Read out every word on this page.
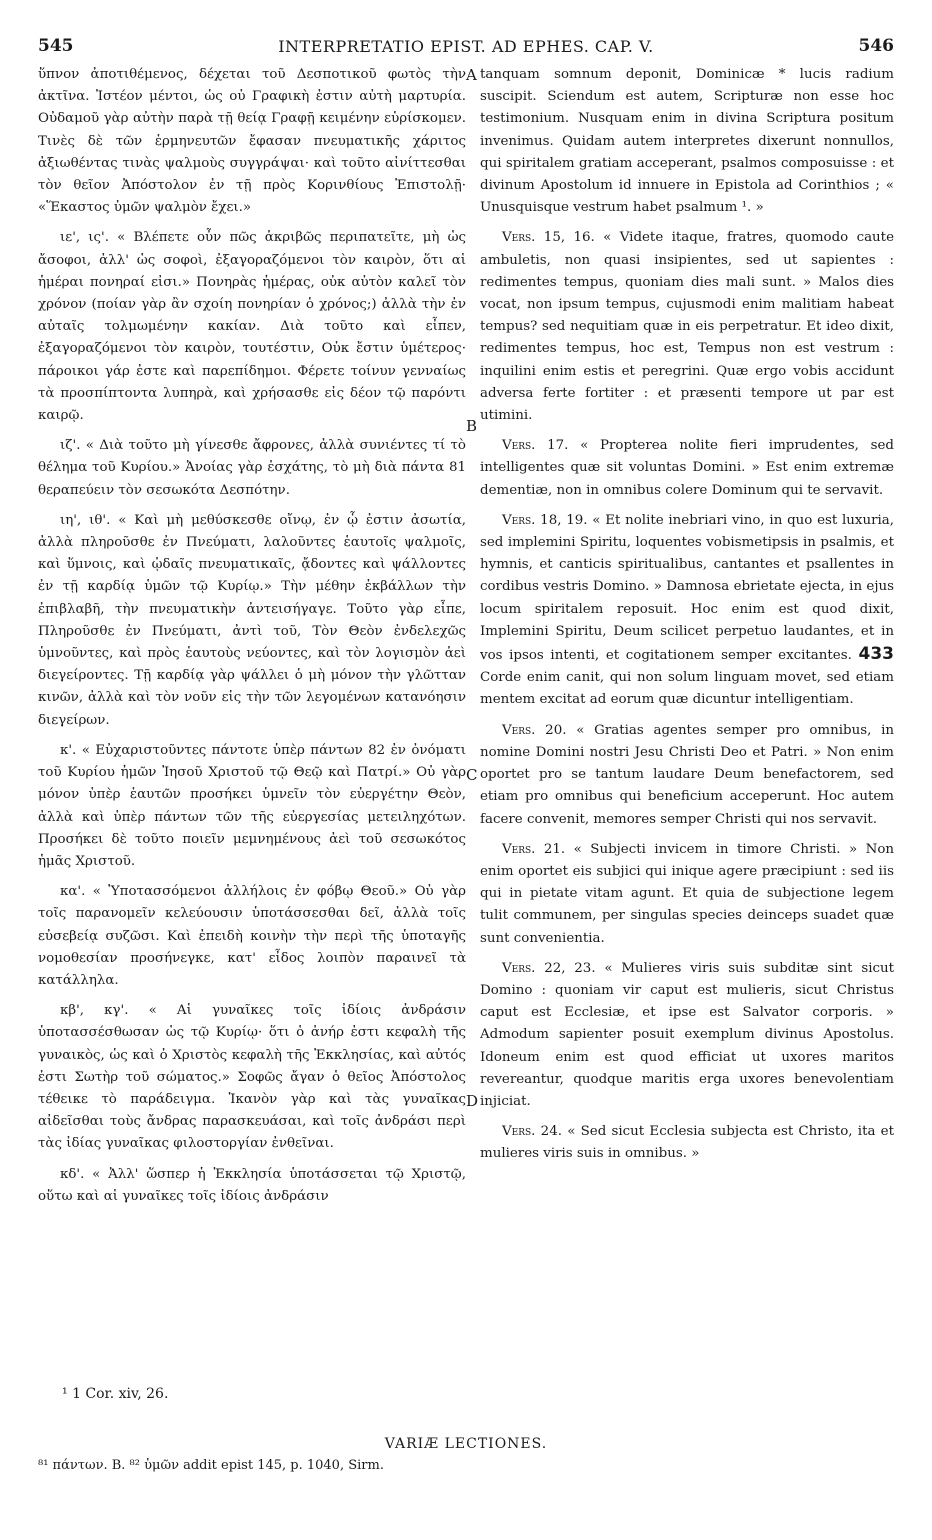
545	INTERPRETATIO EPIST. AD EPHES. CAP. V.	546

ὕπνον ἀποτιθέμενος, δέχεται τοῦ Δεσποτικοῦ φωτὸς τὴν ἀκτῖνα. Ἰστέον μέντοι, ὡς οὐ Γραφικὴ ἐστιν αὐτὴ μαρτυρία. Οὐδαμοῦ γὰρ αὐτὴν παρὰ τῇ θείᾳ Γραφῇ κειμένην εὑρίσκομεν. Τινὲς δὲ τῶν ἑρμηνευτῶν ἔφασαν πνευματικῆς χάριτος ἀξιωθέντας τινὰς ψαλμοὺς συγγράψαι· καὶ τοῦτο αἰνίττεσθαι τὸν θεῖον Ἀπόστολον ἐν τῇ πρὸς Κορινθίους Ἐπιστολῇ· «Ἕκαστος ὑμῶν ψαλμὸν ἔχει.»

ιε', ις'. « Βλέπετε οὖν πῶς ἀκριβῶς περιπατεῖτε, μὴ ὡς ἄσοφοι, ἀλλ' ὡς σοφοὶ, ἐξαγοραζόμενοι τὸν καιρὸν, ὅτι αἱ ἡμέραι πονηραί εἰσι.» Πονηρὰς ἡμέρας, οὐκ αὐτὸν καλεῖ τὸν χρόνον (ποίαν γὰρ ἂν σχοίη πονηρίαν ὁ χρόνος;) ἀλλὰ τὴν ἐν αὐταῖς τολμωμένην κακίαν. Διὰ τοῦτο καὶ εἶπεν, ἐξαγοραζόμενοι τὸν καιρὸν, τουτέστιν, Οὐκ ἔστιν ὑμέτερος· πάροικοι γάρ ἐστε καὶ παρεπίδημοι. Φέρετε τοίνυν γενναίως τὰ προσπίπτοντα λυπηρὰ, καὶ χρήσασθε εἰς δέον τῷ παρόντι καιρῷ.

ιζ'. « Διὰ τοῦτο μὴ γίνεσθε ἄφρονες, ἀλλὰ συνιέντες τί τὸ θέλημα τοῦ Κυρίου.» Ἀνοίας γὰρ ἐσχάτης, τὸ μὴ διὰ πάντα 81 θεραπεύειν τὸν σεσωκότα Δεσπότην.

ιη', ιθ'. « Καὶ μὴ μεθύσκεσθε οἴνῳ, ἐν ᾧ ἐστιν ἀσωτία, ἀλλὰ πληροῦσθε ἐν Πνεύματι, λαλοῦντες ἑαυτοῖς ψαλμοῖς, καὶ ὕμνοις, καὶ ᾠδαῖς πνευματικαῖς, ᾄδοντες καὶ ψάλλοντες ἐν τῇ καρδίᾳ ὑμῶν τῷ Κυρίῳ.» Τὴν μέθην ἐκβάλλων τὴν ἐπιβλαβῆ, τὴν πνευματικὴν ἀντεισήγαγε. Τοῦτο γὰρ εἶπε, Πληροῦσθε ἐν Πνεύματι, ἀντὶ τοῦ, Τὸν Θεὸν ἐνδελεχῶς ὑμνοῦντες, καὶ πρὸς ἑαυτοὺς νεύοντες, καὶ τὸν λογισμὸν ἀεὶ διεγείροντες. Τῇ καρδίᾳ γὰρ ψάλλει ὁ μὴ μόνον τὴν γλῶτταν κινῶν, ἀλλὰ καὶ τὸν νοῦν εἰς τὴν τῶν λεγομένων κατανόησιν διεγείρων.

κ'. « Εὐχαριστοῦντες πάντοτε ὑπὲρ πάντων 82 ἐν ὀνόματι τοῦ Κυρίου ἡμῶν Ἰησοῦ Χριστοῦ τῷ Θεῷ καὶ Πατρί.» Οὐ γὰρ μόνον ὑπὲρ ἑαυτῶν προσήκει ὑμνεῖν τὸν εὐεργέτην Θεὸν, ἀλλὰ καὶ ὑπὲρ πάντων τῶν τῆς εὐεργεσίας μετειληχότων. Προσήκει δὲ τοῦτο ποιεῖν μεμνημένους ἀεὶ τοῦ σεσωκότος ἡμᾶς Χριστοῦ.

κα'. « Ὑποτασσόμενοι ἀλλήλοις ἐν φόβῳ Θεοῦ.» Οὐ γὰρ τοῖς παρανομεῖν κελεύουσιν ὑποτάσσεσθαι δεῖ, ἀλλὰ τοῖς εὐσεβείᾳ συζῶσι. Καὶ ἐπειδὴ κοινὴν τὴν περὶ τῆς ὑποταγῆς νομοθεσίαν προσήνεγκε, κατ' εἶδος λοιπὸν παραινεῖ τὰ κατάλληλα.

κβ', κγ'. « Αἱ γυναῖκες τοῖς ἰδίοις ἀνδράσιν ὑποτασσέσθωσαν ὡς τῷ Κυρίῳ· ὅτι ὁ ἀνήρ ἐστι κεφαλὴ τῆς γυναικὸς, ὡς καὶ ὁ Χριστὸς κεφαλὴ τῆς Ἐκκλησίας, καὶ αὐτός ἐστι Σωτὴρ τοῦ σώματος.» Σοφῶς ἄγαν ὁ θεῖος Ἀπόστολος τέθεικε τὸ παράδειγμα. Ἱκανὸν γὰρ καὶ τὰς γυναῖκας αἰδεῖσθαι τοὺς ἄνδρας παρασκευάσαι, καὶ τοῖς ἀνδράσι περὶ τὰς ἰδίας γυναῖκας φιλοστοργίαν ἐνθεῖναι.

κδ'. « Ἀλλ' ὥσπερ ἡ Ἐκκλησία ὑποτάσσεται τῷ Χριστῷ, οὕτω καὶ αἱ γυναῖκες τοῖς ἰδίοις ἀνδράσιν

tanquam somnum deponit, Dominicæ * lucis radium suscipit. Sciendum est autem, Scripturæ non esse hoc testimonium. Nusquam enim in divina Scriptura positum invenimus. Quidam autem interpretes dixerunt nonnullos, qui spiritalem gratiam acceperant, psalmos composuisse : et divinum Apostolum id innuere in Epistola ad Corinthios ; « Unusquisque vestrum habet psalmum ¹. »

Vers. 15, 16. « Videte itaque, fratres, quomodo caute ambuletis, non quasi insipientes, sed ut sapientes : redimentes tempus, quoniam dies mali sunt. » Malos dies vocat, non ipsum tempus, cujusmodi enim malitiam habeat tempus? sed nequitiam quæ in eis perpetratur. Et ideo dixit, redimentes tempus, hoc est, Tempus non est vestrum : inquilini enim estis et peregrini. Quæ ergo vobis accidunt adversa ferte fortiter : et præsenti tempore ut par est utimini.

Vers. 17. « Propterea nolite fieri imprudentes, sed intelligentes quæ sit voluntas Domini. » Est enim extremæ dementiæ, non in omnibus colere Dominum qui te servavit.

Vers. 18, 19. « Et nolite inebriari vino, in quo est luxuria, sed implemini Spiritu, loquentes vobismetipsis in psalmis, et hymnis, et canticis spiritualibus, cantantes et psallentes in cordibus vestris Domino. » Damnosa ebrietate ejecta, in ejus locum spiritalem reposuit. Hoc enim est quod dixit, Implemini Spiritu, Deum scilicet perpetuo laudantes, et in vos ipsos intenti, et cogitationem semper excitantes. 433 Corde enim canit, qui non solum linguam movet, sed etiam mentem excitat ad eorum quæ dicuntur intelligentiam.

Vers. 20. « Gratias agentes semper pro omnibus, in nomine Domini nostri Jesu Christi Deo et Patri. » Non enim oportet pro se tantum laudare Deum benefactorem, sed etiam pro omnibus qui beneficium acceperunt. Hoc autem facere convenit, memores semper Christi qui nos servavit.

Vers. 21. « Subjecti invicem in timore Christi. » Non enim oportet eis subjici qui inique agere præcipiunt : sed iis qui in pietate vitam agunt. Et quia de subjectione legem tulit communem, per singulas species deinceps suadet quæ sunt convenientia.

Vers. 22, 23. « Mulieres viris suis subditæ sint sicut Domino : quoniam vir caput est mulieris, sicut Christus caput est Ecclesiæ, et ipse est Salvator corporis. » Admodum sapienter posuit exemplum divinus Apostolus. Idoneum enim est quod efficiat ut uxores maritos revereantur, quodque maritis erga uxores benevolentiam injiciat.

Vers. 24. « Sed sicut Ecclesia subjecta est Christo, ita et mulieres viris suis in omnibus. »

A
B
C
D
¹ 1 Cor. xiv, 26.
VARIÆ LECTIONES.
⁸¹ πάντων. B. ⁸² ὑμῶν addit epist 145, p. 1040, Sirm.
